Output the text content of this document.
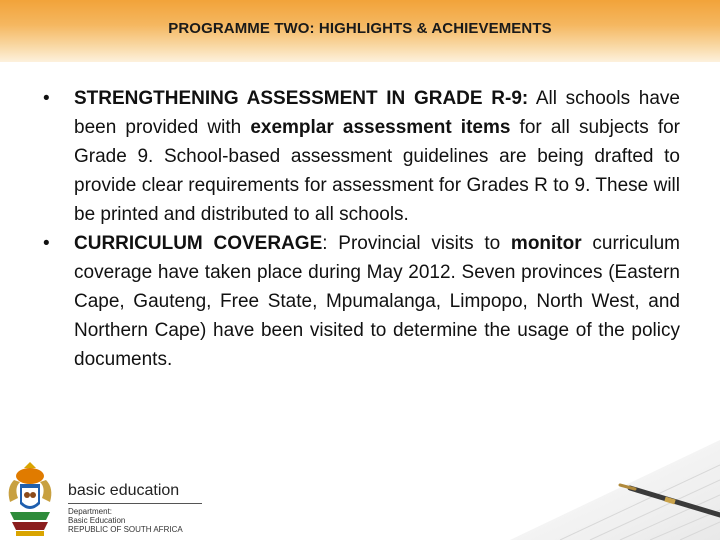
PROGRAMME TWO: HIGHLIGHTS & ACHIEVEMENTS
• STRENGTHENING ASSESSMENT IN GRADE R-9: All schools have been provided with exemplar assessment items for all subjects for Grade 9. School-based assessment guidelines are being drafted to provide clear requirements for assessment for Grades R to 9. These will be printed and distributed to all schools.
• CURRICULUM COVERAGE: Provincial visits to monitor curriculum coverage have taken place during May 2012. Seven provinces (Eastern Cape, Gauteng, Free State, Mpumalanga, Limpopo, North West, and Northern Cape) have been visited to determine the usage of the policy documents.
basic education
Department:
Basic Education
REPUBLIC OF SOUTH AFRICA
